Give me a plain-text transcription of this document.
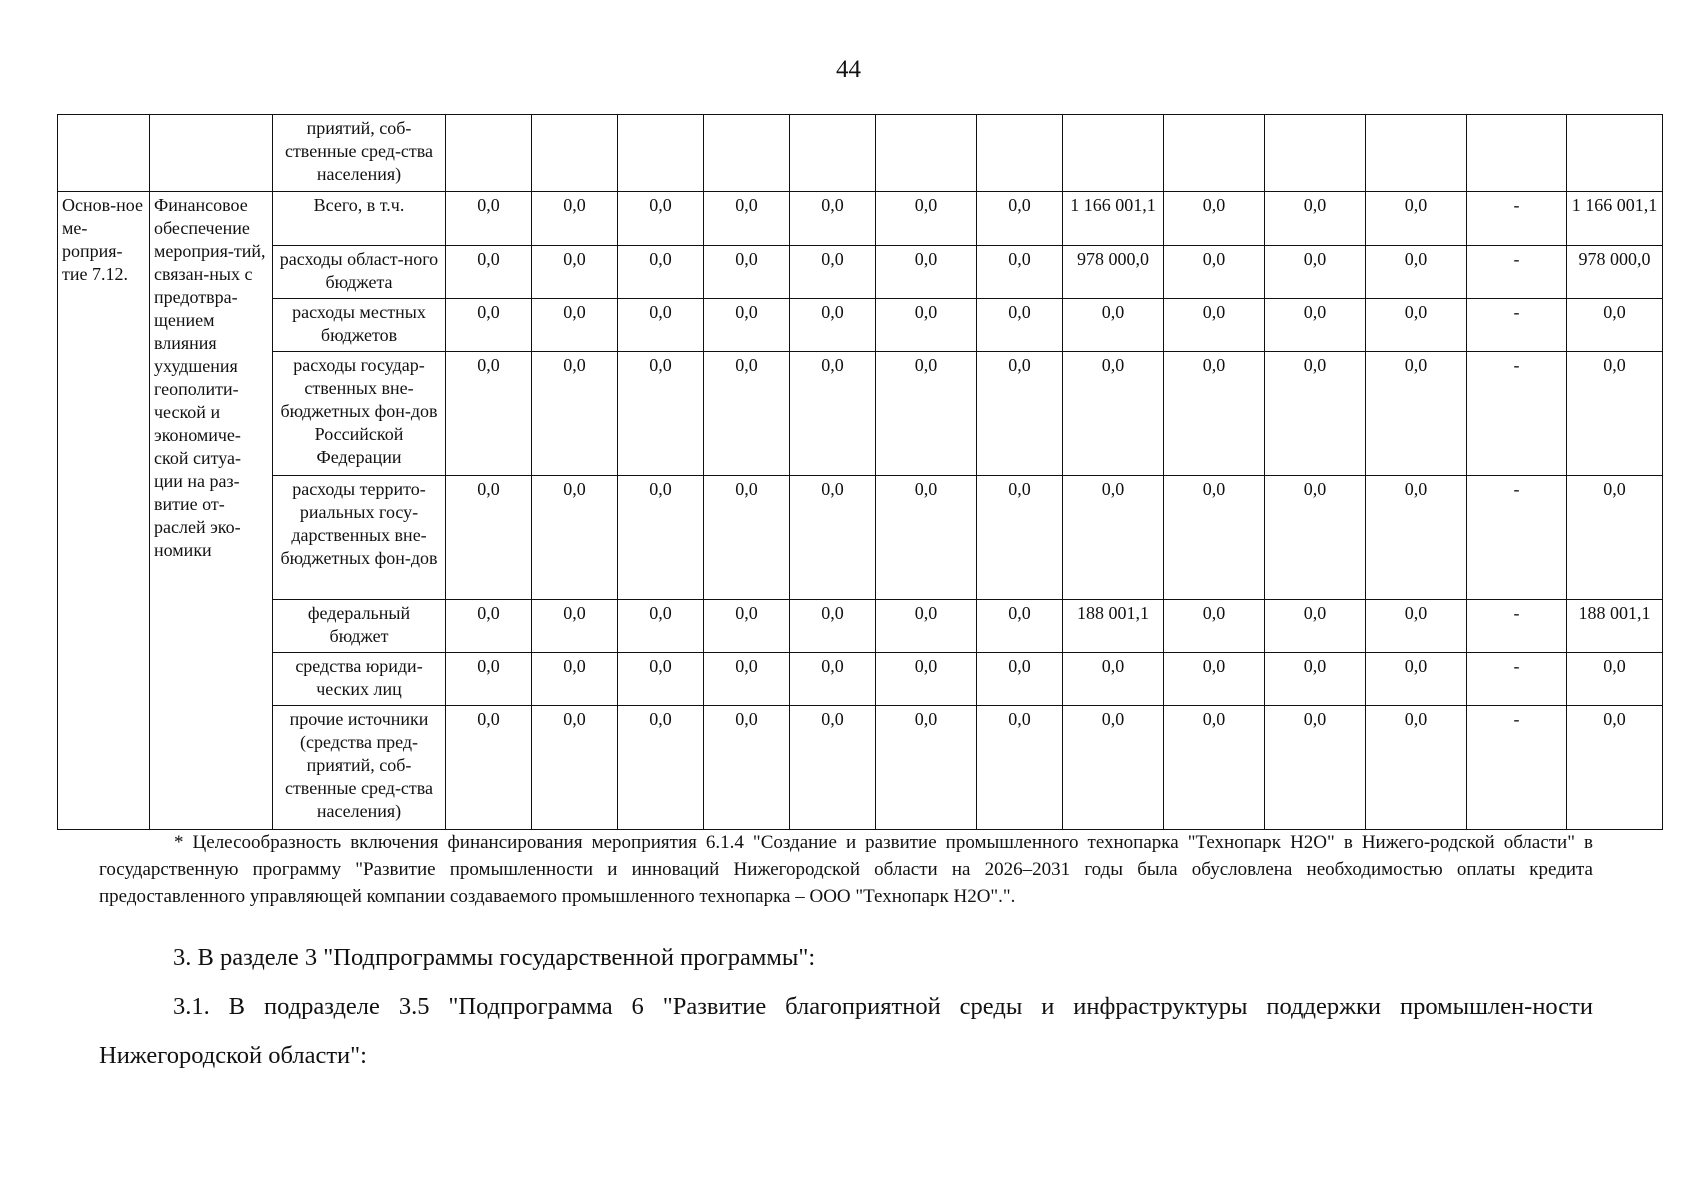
44
		приятий, соб-ственные сред-ства населения)													
Основ-ное ме-роприя-тие 7.12.	Финансовое обеспечение мероприя-тий, связан-ных с предотвра-щением влияния ухудшения геополити-ческой и экономиче-ской ситуа-ции на раз-витие от-раслей эко-номики	Всего, в т.ч.	0,0	0,0	0,0	0,0	0,0	0,0	0,0	1 166 001,1	0,0	0,0	0,0	-	1 166 001,1
		расходы област-ного бюджета	0,0	0,0	0,0	0,0	0,0	0,0	0,0	978 000,0	0,0	0,0	0,0	-	978 000,0
		расходы местных бюджетов	0,0	0,0	0,0	0,0	0,0	0,0	0,0	0,0	0,0	0,0	0,0	-	0,0
		расходы государ-ственных вне-бюджетных фон-дов Российской Федерации	0,0	0,0	0,0	0,0	0,0	0,0	0,0	0,0	0,0	0,0	0,0	-	0,0
		расходы террито-риальных госу-дарственных вне-бюджетных фон-дов	0,0	0,0	0,0	0,0	0,0	0,0	0,0	0,0	0,0	0,0	0,0	-	0,0
		федеральный бюджет	0,0	0,0	0,0	0,0	0,0	0,0	0,0	188 001,1	0,0	0,0	0,0	-	188 001,1
		средства юриди-ческих лиц	0,0	0,0	0,0	0,0	0,0	0,0	0,0	0,0	0,0	0,0	0,0	-	0,0
		прочие источники (средства пред-приятий, соб-ственные сред-ства населения)	0,0	0,0	0,0	0,0	0,0	0,0	0,0	0,0	0,0	0,0	0,0	-	0,0

* Целесообразность включения финансирования мероприятия 6.1.4 "Создание и развитие промышленного технопарка "Технопарк Н2О" в Нижего-родской области" в государственную программу "Развитие промышленности и инноваций Нижегородской области на 2026–2031 годы была обусловлена необходимостью оплаты кредита предоставленного управляющей компании создаваемого промышленного технопарка – ООО "Технопарк Н2О".".

3. В разделе 3 "Подпрограммы государственной программы":

3.1. В подразделе 3.5 "Подпрограмма 6 "Развитие благоприятной среды и инфраструктуры поддержки промышлен-ности Нижегородской области":
